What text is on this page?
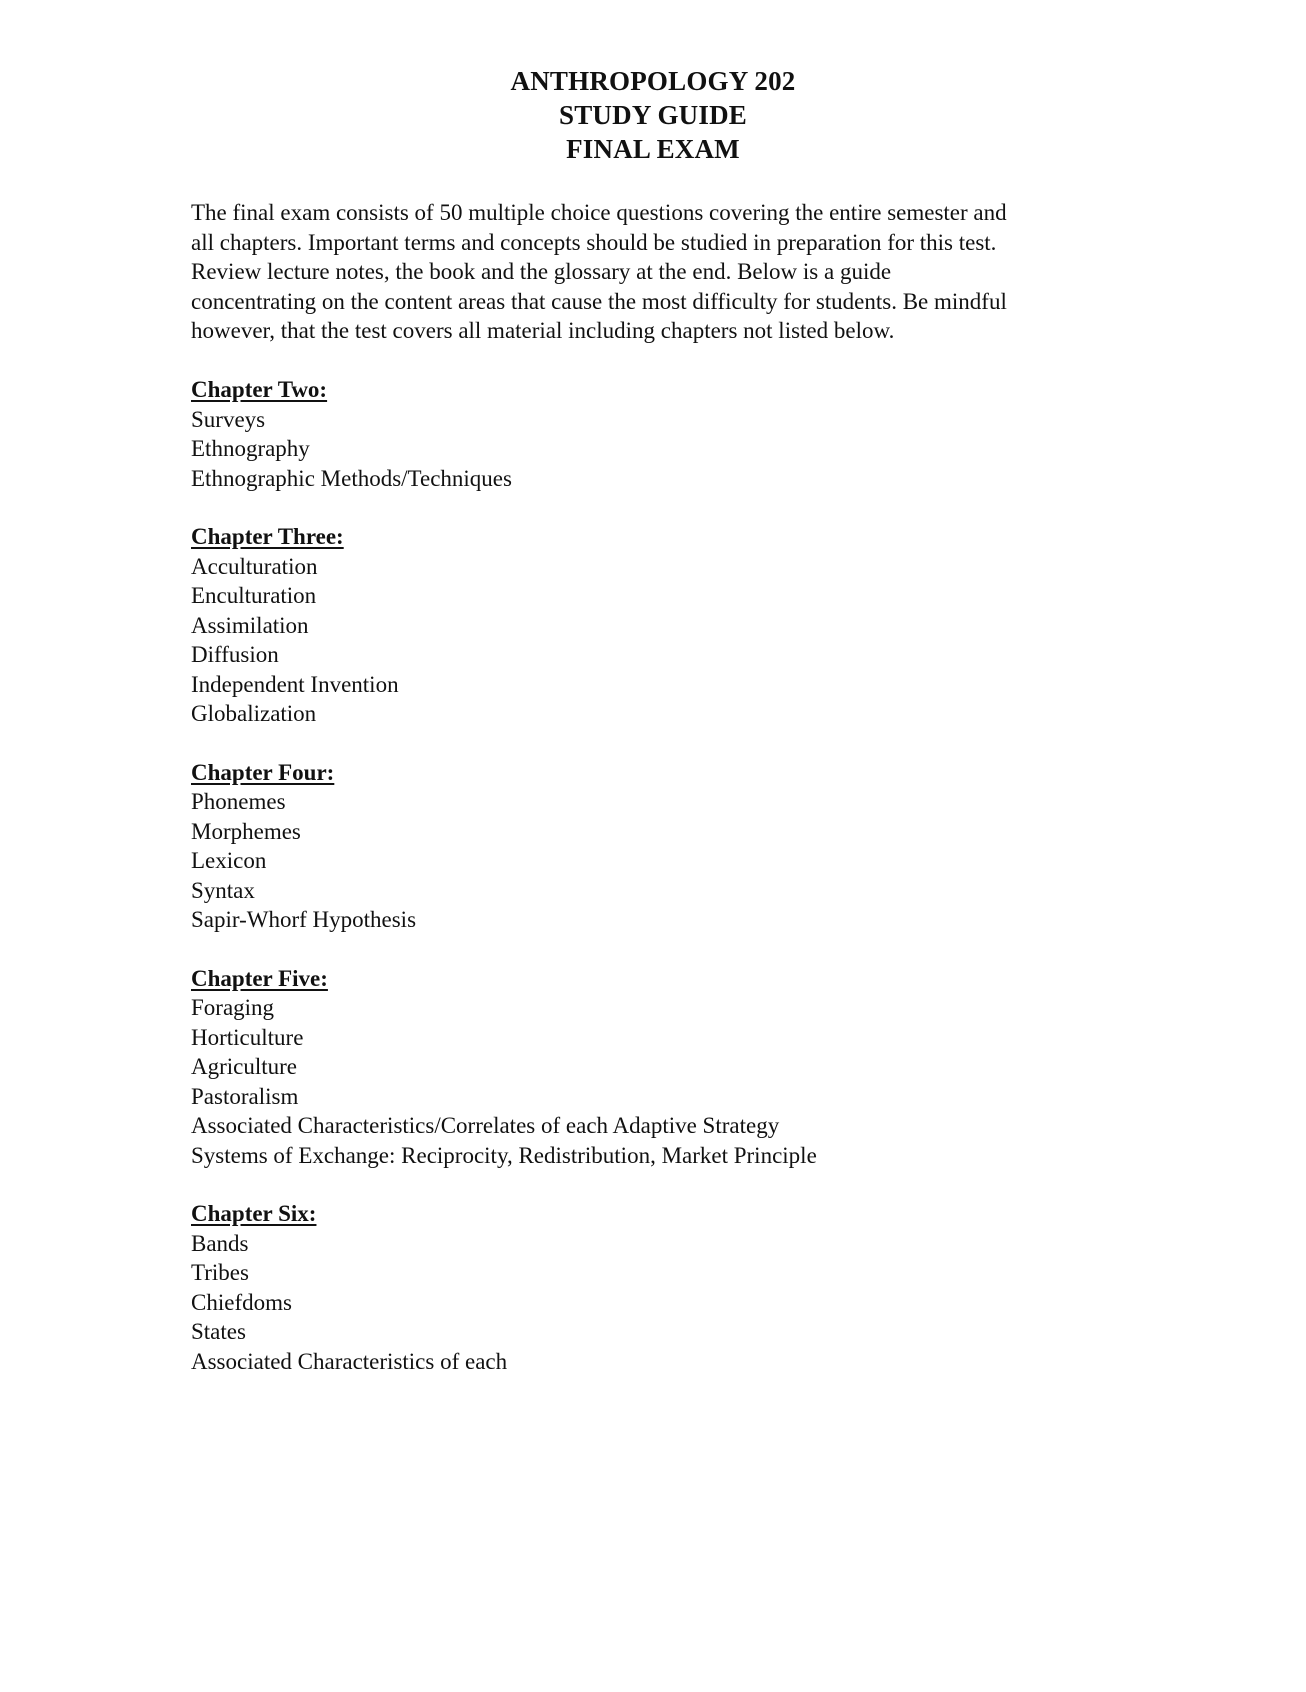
ANTHROPOLOGY 202
STUDY GUIDE
FINAL EXAM

The final exam consists of 50 multiple choice questions covering the entire semester and
all chapters. Important terms and concepts should be studied in preparation for this test.
Review lecture notes, the book and the glossary at the end. Below is a guide
concentrating on the content areas that cause the most difficulty for students. Be mindful
however, that the test covers all material including chapters not listed below.

Chapter Two:
Surveys
Ethnography
Ethnographic Methods/Techniques
Chapter Three:
Acculturation
Enculturation
Assimilation
Diffusion
Independent Invention
Globalization
Chapter Four:
Phonemes
Morphemes
Lexicon
Syntax
Sapir-Whorf Hypothesis
Chapter Five:
Foraging
Horticulture
Agriculture
Pastoralism
Associated Characteristics/Correlates of each Adaptive Strategy
Systems of Exchange: Reciprocity, Redistribution, Market Principle
Chapter Six:
Bands
Tribes
Chiefdoms
States
Associated Characteristics of each
